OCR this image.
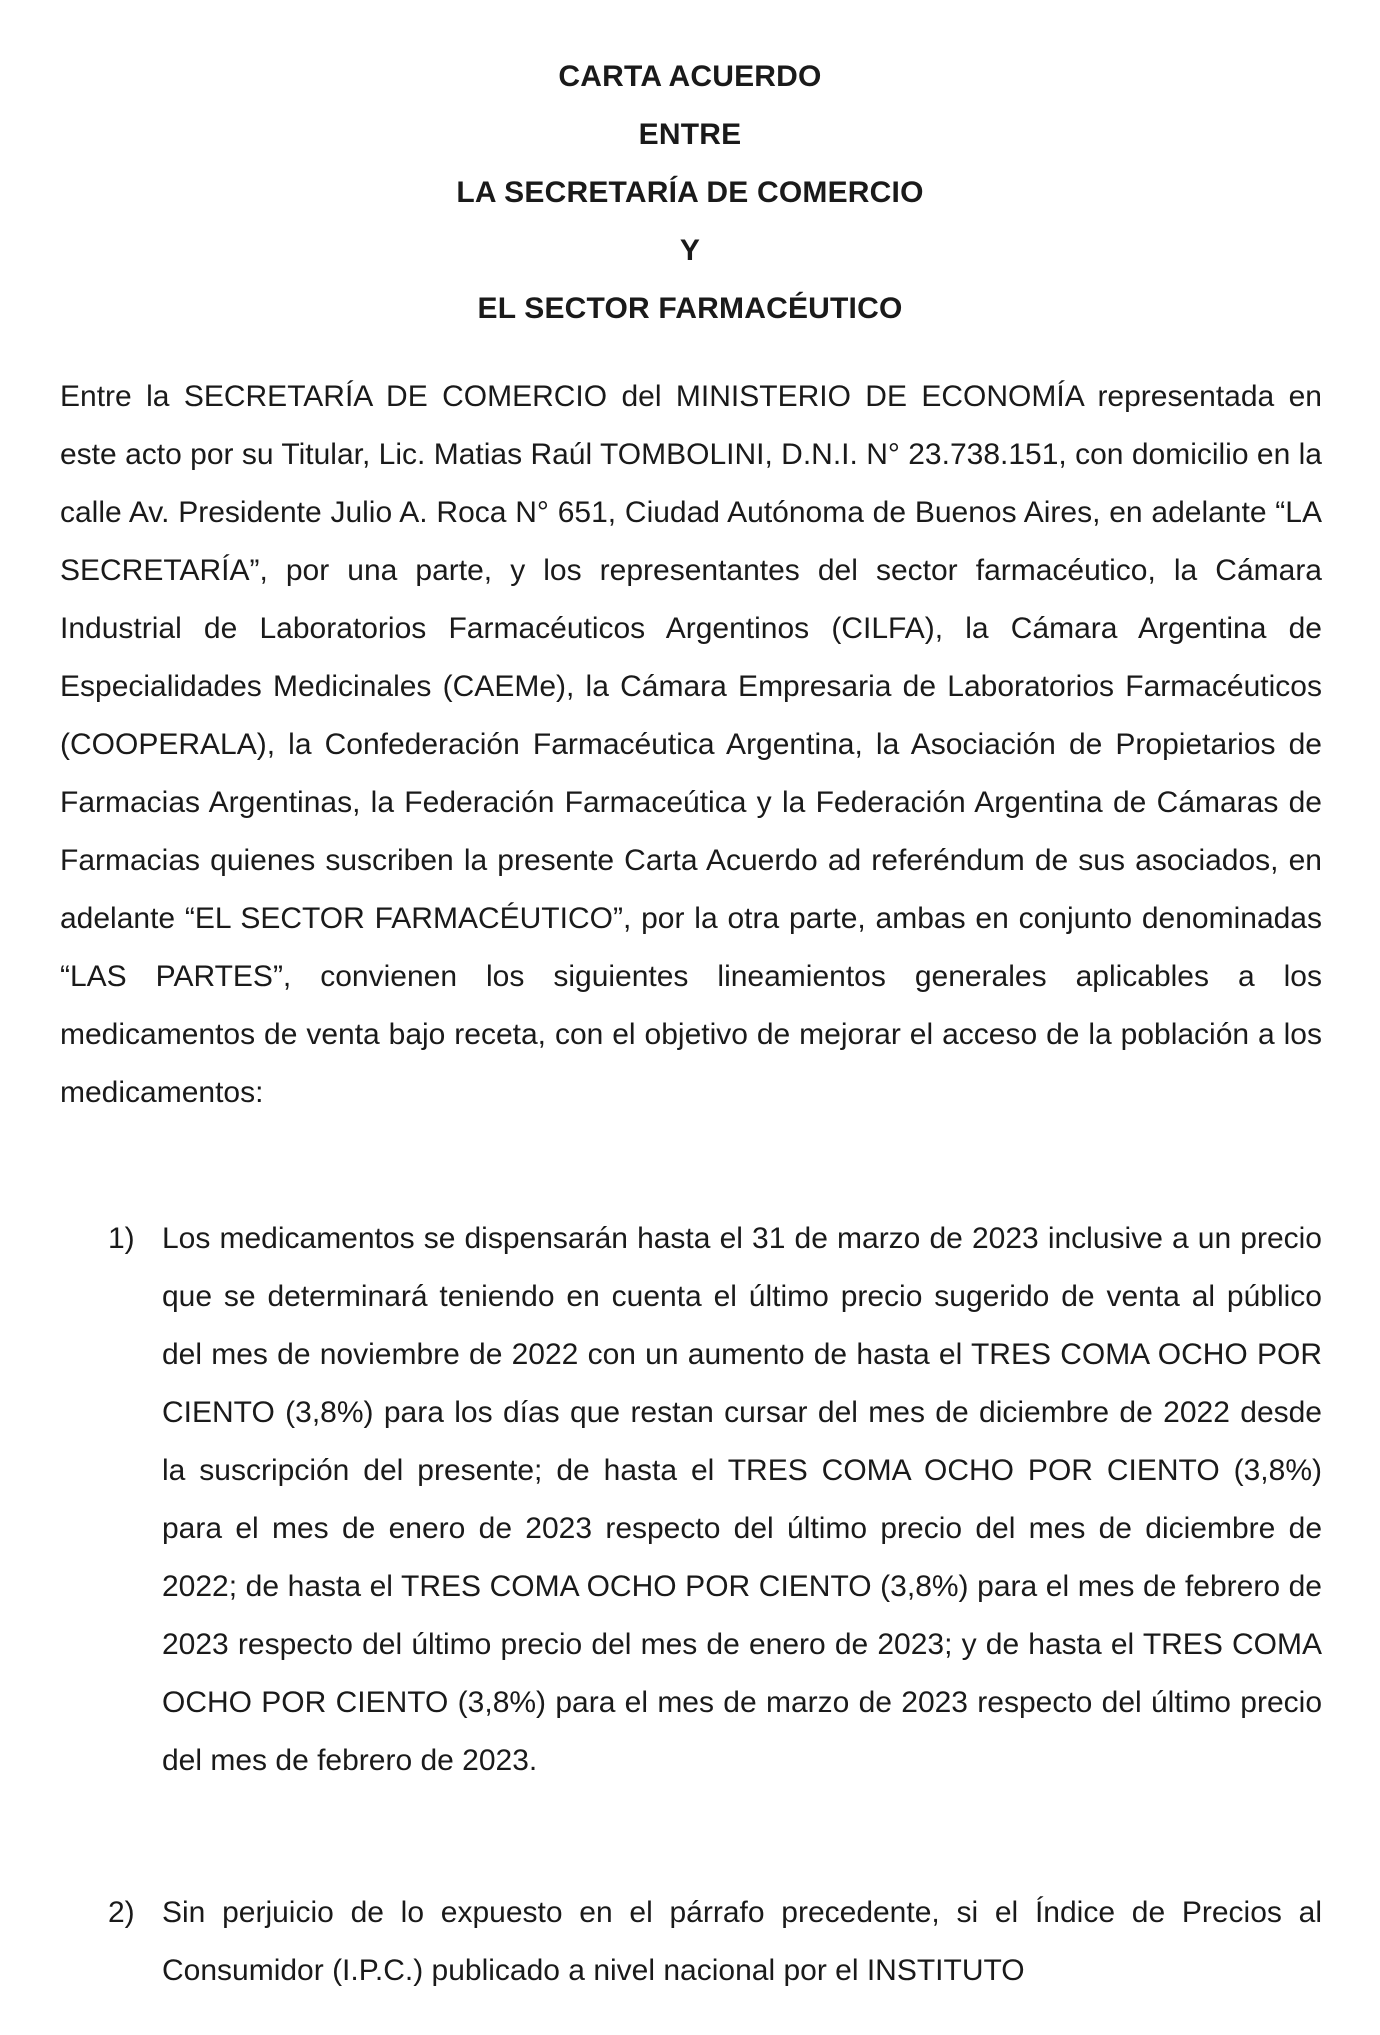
CARTA ACUERDO
ENTRE
LA SECRETARÍA DE COMERCIO
Y
EL SECTOR FARMACÉUTICO

Entre la SECRETARÍA DE COMERCIO del MINISTERIO DE ECONOMÍA representada en este acto por su Titular, Lic. Matias Raúl TOMBOLINI, D.N.I. N° 23.738.151, con domicilio en la calle Av. Presidente Julio A. Roca N° 651, Ciudad Autónoma de Buenos Aires, en adelante “LA SECRETARÍA”, por una parte, y los representantes del sector farmacéutico, la Cámara Industrial de Laboratorios Farmacéuticos Argentinos (CILFA), la Cámara Argentina de Especialidades Medicinales (CAEMe), la Cámara Empresaria de Laboratorios Farmacéuticos (COOPERALA), la Confederación Farmacéutica Argentina, la Asociación de Propietarios de Farmacias Argentinas, la Federación Farmaceútica y la Federación Argentina de Cámaras de Farmacias quienes suscriben la presente Carta Acuerdo ad referéndum de sus asociados, en adelante “EL SECTOR FARMACÉUTICO”, por la otra parte, ambas en conjunto denominadas “LAS PARTES”, convienen los siguientes lineamientos generales aplicables a los medicamentos de venta bajo receta, con el objetivo de mejorar el acceso de la población a los medicamentos:

1) Los medicamentos se dispensarán hasta el 31 de marzo de 2023 inclusive a un precio que se determinará teniendo en cuenta el último precio sugerido de venta al público del mes de noviembre de 2022 con un aumento de hasta el TRES COMA OCHO POR CIENTO (3,8%) para los días que restan cursar del mes de diciembre de 2022 desde la suscripción del presente; de hasta el TRES COMA OCHO POR CIENTO (3,8%) para el mes de enero de 2023 respecto del último precio del mes de diciembre de 2022; de hasta el TRES COMA OCHO POR CIENTO (3,8%) para el mes de febrero de 2023 respecto del último precio del mes de enero de 2023; y de hasta el TRES COMA OCHO POR CIENTO (3,8%) para el mes de marzo de 2023 respecto del último precio del mes de febrero de 2023.

2) Sin perjuicio de lo expuesto en el párrafo precedente, si el Índice de Precios al Consumidor (I.P.C.) publicado a nivel nacional por el INSTITUTO
